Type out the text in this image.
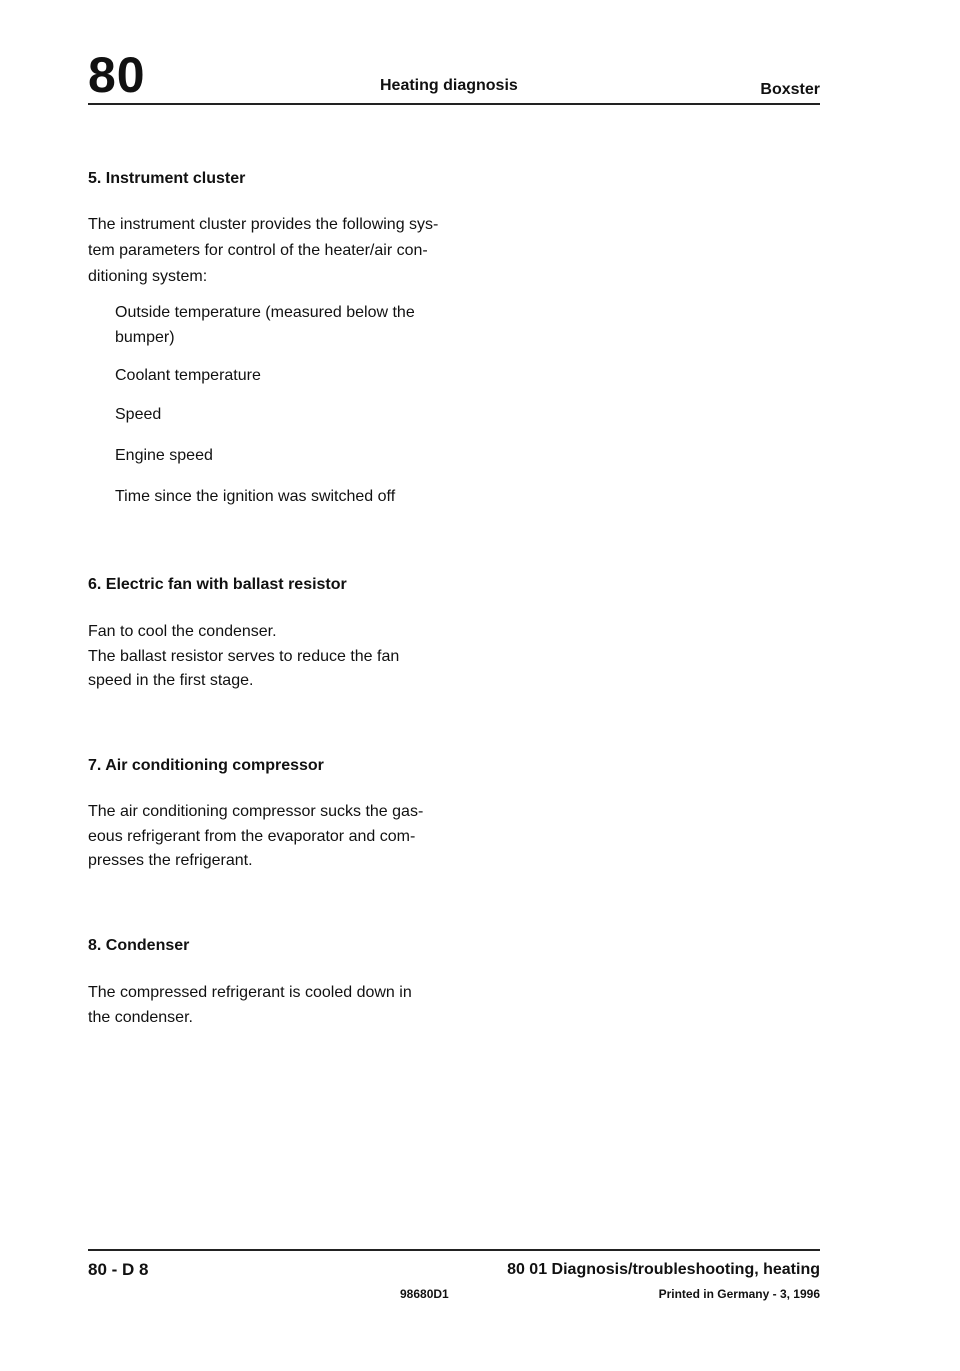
80	Heating diagnosis	Boxster
5. Instrument cluster

The instrument cluster provides the following sys-

tem parameters for control of the heater/air con-

ditioning system:

Outside temperature (measured below the

bumper)

Coolant temperature

Speed

Engine speed

Time since the ignition was switched off

6. Electric fan with ballast resistor

Fan to cool the condenser.

The ballast resistor serves to reduce the fan

speed in the first stage.

7. Air conditioning compressor

The air conditioning compressor sucks the gas-

eous refrigerant from the evaporator and com-

presses the refrigerant.

8. Condenser

The compressed refrigerant is cooled down in

the condenser.

80 - D 8	80 01 Diagnosis/troubleshooting, heating
98680D1	Printed in Germany - 3, 1996
